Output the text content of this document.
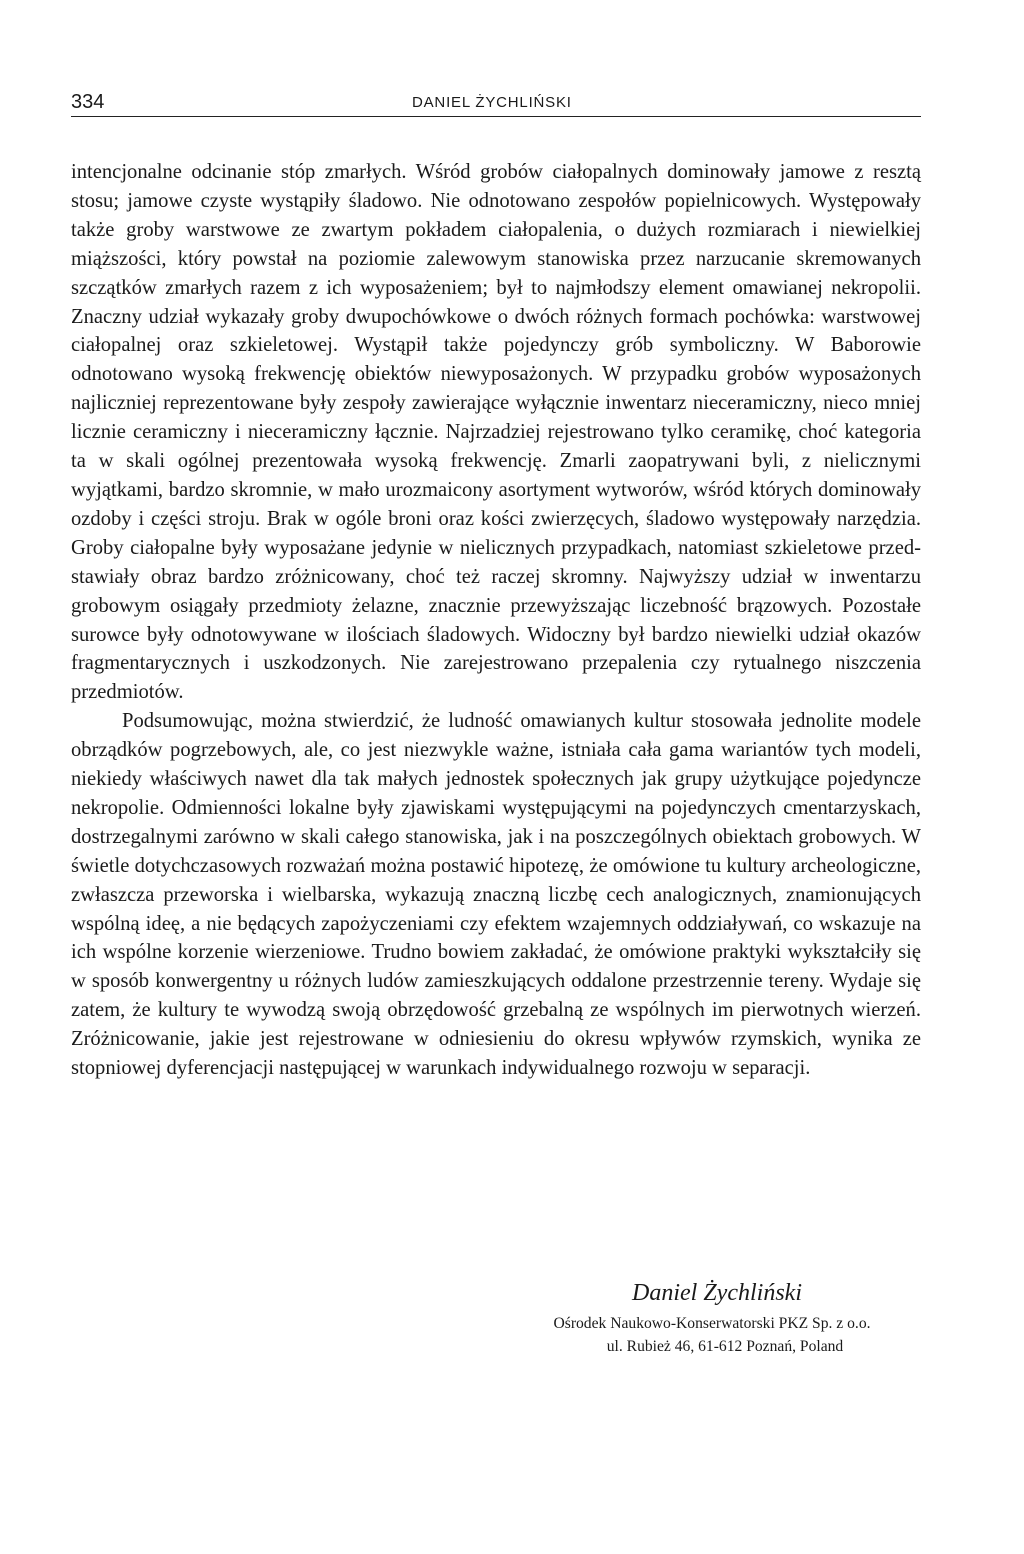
334	DANIEL ŻYCHLIŃSKI

intencjonalne odcinanie stóp zmarłych. Wśród grobów ciałopalnych dominowały jamowe z resztą stosu; jamowe czyste wystąpiły śladowo. Nie odnotowano zespołów popielnicowych. Występowały także groby warstwowe ze zwartym pokładem ciałopalenia, o dużych rozmiarach i niewielkiej miąższości, który powstał na poziomie zalewowym stanowiska przez narzucanie skremowanych szczątków zmarłych razem z ich wyposażeniem; był to najmłodszy element omawianej nekropolii. Znaczny udział wykazały groby dwupochówkowe o dwóch różnych formach pochówka: warstwowej ciałopalnej oraz szkieletowej. Wystąpił także pojedynczy grób symboliczny. W Baborowie odnotowano wysoką frekwencję obiektów niewyposażonych. W przypadku grobów wyposażonych najliczniej reprezentowane były zespoły zawierające wyłącznie inwentarz nieceramiczny, nieco mniej licznie ceramiczny i nieceramiczny łącznie. Najrzadziej rejestrowano tylko ceramikę, choć kategoria ta w skali ogólnej prezentowała wysoką frekwencję. Zmarli zaopatrywani byli, z nielicznymi wyjątkami, bardzo skromnie, w mało urozmaicony asortyment wytworów, wśród których dominowały ozdoby i części stroju. Brak w ogóle broni oraz kości zwierzęcych, śladowo występowały narzędzia. Groby ciałopalne były wyposażane jedynie w nielicznych przypadkach, natomiast szkieletowe przedstawiały obraz bardzo zróżnicowany, choć też raczej skromny. Najwyższy udział w inwentarzu grobowym osiągały przedmioty żelazne, znacznie przewyższając liczebność brązowych. Pozostałe surowce były odnotowywane w ilościach śladowych. Widoczny był bardzo niewielki udział okazów fragmentarycznych i uszkodzonych. Nie zarejestrowano przepalenia czy rytualnego niszczenia przedmiotów.

Podsumowując, można stwierdzić, że ludność omawianych kultur stosowała jednolite modele obrządków pogrzebowych, ale, co jest niezwykle ważne, istniała cała gama wariantów tych modeli, niekiedy właściwych nawet dla tak małych jednostek społecznych jak grupy użytkujące pojedyncze nekropolie. Odmienności lokalne były zjawiskami występującymi na pojedynczych cmentarzyskach, dostrzegalnymi zarówno w skali całego stanowiska, jak i na poszczególnych obiektach grobowych. W świetle dotychczasowych rozważań można postawić hipotezę, że omówione tu kultury archeologiczne, zwłaszcza przeworska i wielbarska, wykazują znaczną liczbę cech analogicznych, znamionujących wspólną ideę, a nie będących zapożyczeniami czy efektem wzajemnych oddziaływań, co wskazuje na ich wspólne korzenie wierzeniowe. Trudno bowiem zakładać, że omówione praktyki wykształciły się w sposób konwergentny u różnych ludów zamieszkujących oddalone przestrzennie tereny. Wydaje się zatem, że kultury te wywodzą swoją obrzędowość grzebalną ze wspólnych im pierwotnych wierzeń. Zróżnicowanie, jakie jest rejestrowane w odniesieniu do okresu wpływów rzymskich, wynika ze stopniowej dyferencjacji następującej w warunkach indywidualnego rozwoju w separacji.

Daniel Żychliński
Ośrodek Naukowo-Konserwatorski PKZ Sp. z o.o.
ul. Rubież 46, 61-612 Poznań, Poland
